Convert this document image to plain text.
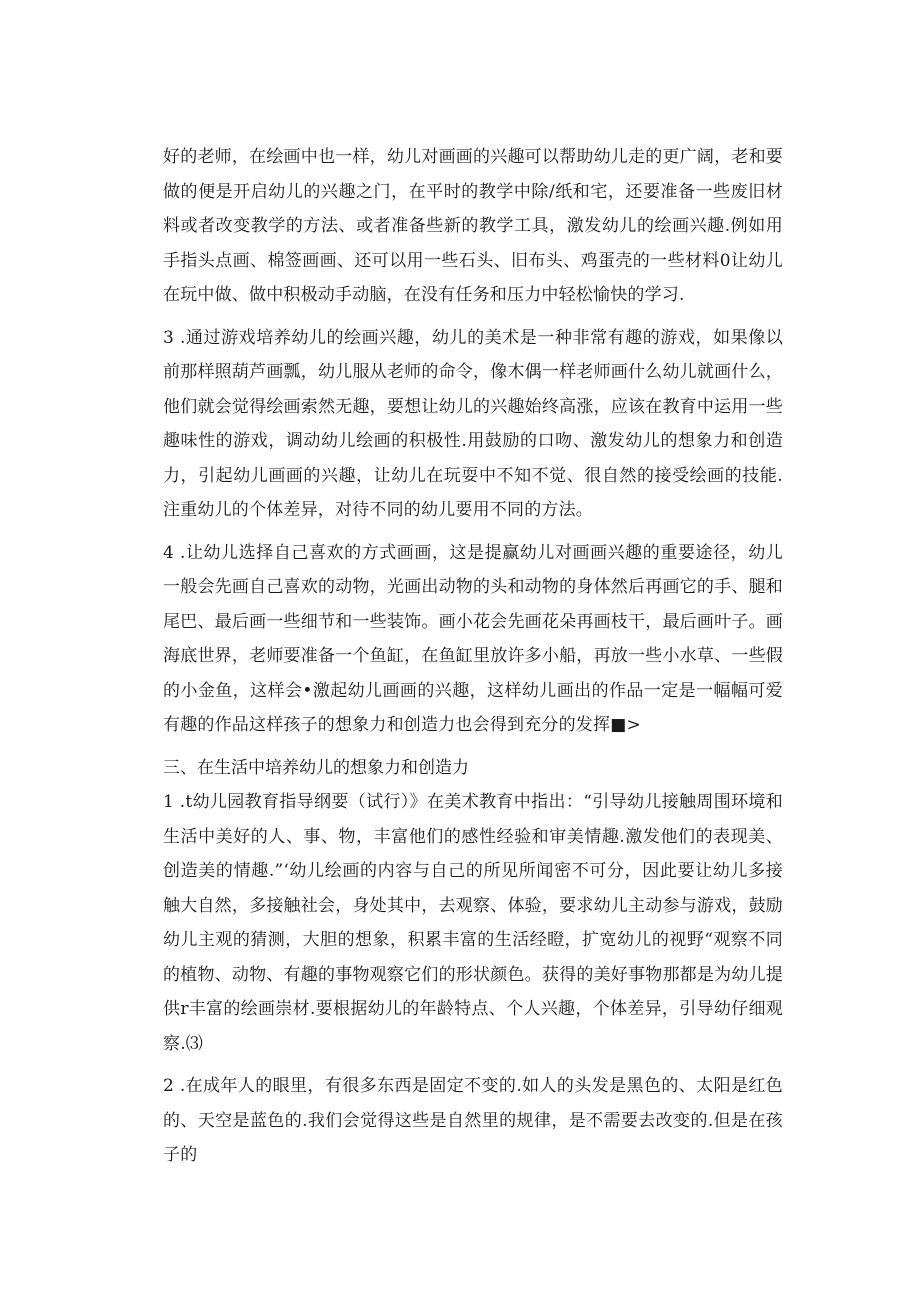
好的老师，在绘画中也一样，幼儿对画画的兴趣可以帮助幼儿走的更广阔，老和要做的便是开启幼儿的兴趣之门，在平时的教学中除/纸和宅，还要准备一些废旧材料或者改变教学的方法、或者准备些新的教学工具，激发幼儿的绘画兴趣.例如用手指头点画、棉签画画、还可以用一些石头、旧布头、鸡蛋壳的一些材料0让幼儿在玩中做、做中积极动手动脑，在没有任务和压力中轻松愉快的学习.

3 .通过游戏培养幼儿的绘画兴趣，幼儿的美术是一种非常有趣的游戏，如果像以前那样照葫芦画瓢，幼儿服从老师的命令，像木偶一样老师画什么幼儿就画什么，他们就会觉得绘画索然无趣，要想让幼儿的兴趣始终高涨，应该在教育中运用一些趣味性的游戏，调动幼儿绘画的积极性.用鼓励的口吻、激发幼儿的想象力和创造力，引起幼儿画画的兴趣，让幼儿在玩耍中不知不觉、很自然的接受绘画的技能.注重幼儿的个体差异，对待不同的幼儿要用不同的方法。

4 .让幼儿选择自己喜欢的方式画画，这是提赢幼儿对画画兴趣的重要途径，幼儿一般会先画自己喜欢的动物，光画出动物的头和动物的身体然后再画它的手、腿和尾巴、最后画一些细节和一些装饰。画小花会先画花朵再画枝干，最后画叶子。画海底世界，老师要准备一个鱼缸，在鱼缸里放许多小船，再放一些小水草、一些假的小金鱼，这样会•激起幼儿画画的兴趣，这样幼儿画出的作品一定是一幅幅可爱有趣的作品这样孩子的想象力和创造力也会得到充分的发挥■>

三、在生活中培养幼儿的想象力和创造力

1 .t幼儿园教育指导纲要（试行）》在美术教育中指出：“引导幼儿接触周围环境和生活中美好的人、事、物，丰富他们的感性经验和审美情趣.激发他们的表现美、创造美的情趣.”‘幼儿绘画的内容与自己的所见所闻密不可分，因此要让幼儿多接触大自然，多接触社会，身处其中，去观察、体验，要求幼儿主动参与游戏，鼓励幼儿主观的猜测，大胆的想象，积累丰富的生活经瞪，扩宽幼儿的视野“观察不同的植物、动物、有趣的事物观察它们的形状颜色。获得的美好事物那都是为幼儿提供r丰富的绘画崇材.要根据幼儿的年龄特点、个人兴趣，个体差异，引导幼仔细观察.⑶

2 .在成年人的眼里，有很多东西是固定不变的.如人的头发是黑色的、太阳是红色的、天空是蓝色的.我们会觉得这些是自然里的规律，是不需要去改变的.但是在孩子的
